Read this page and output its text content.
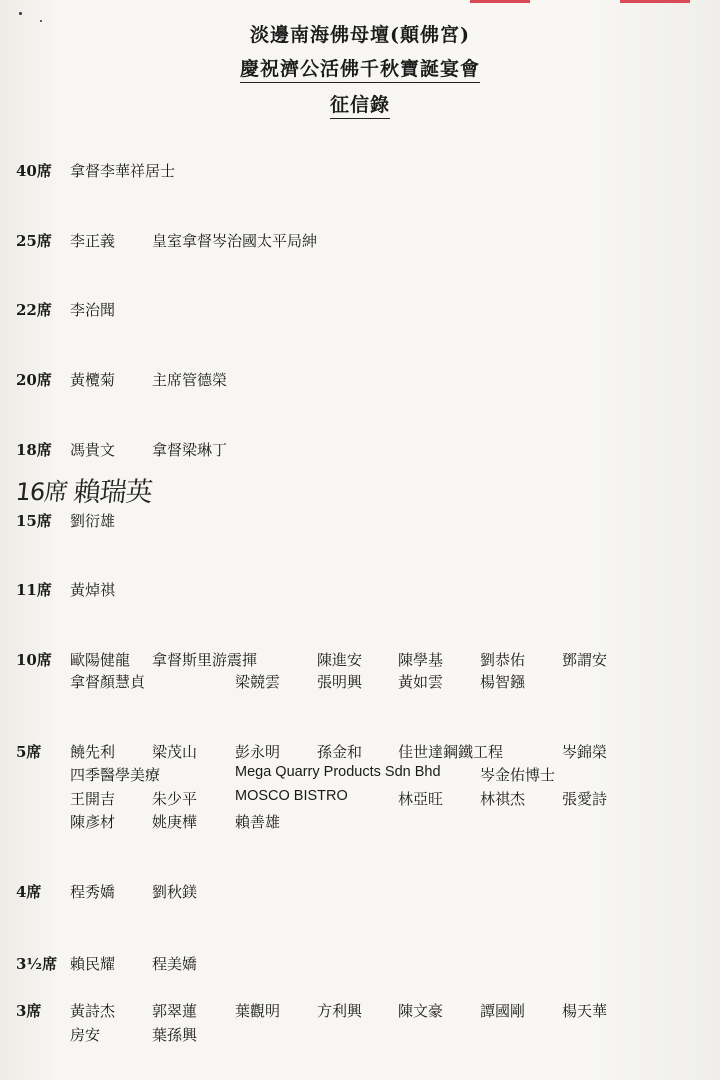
淡邊南海佛母壇(顛佛宮)
慶祝濟公活佛千秋寶誕宴會
征信錄
40席 拿督李華祥居士
25席 李正義 皇室拿督岑治國太平局紳
22席 李治聞
20席 黃欖菊 主席管德榮
18席 馮貴文 拿督梁琳丁
16席 賴瑞英
15席 劉衍雄
11席 黃焯祺
10席 歐陽健龍 拿督斯里游震揮	陳進安 陳學基 劉恭佑 鄧謂安
拿督顏慧貞	梁競雲 張明興 黃如雲 楊智鏹
5席 饒先利 梁茂山	彭永明 孫金和 佳世達鋼鐵工程	岑錦榮
四季醫學美療	Mega Quarry Products Sdn Bhd	岑金佑博士
王開吉 朱少平	MOSCO BISTRO	林亞旺 林祺杰 張愛詩
陳彥材 姚庚樺	賴善雄
4席 程秀嬌 劉秋鎂
3½席 賴民耀 程美嬌
3席 黃詩杰 郭翠蓮	葉觀明 方利興 陳文豪 譚國剛 楊天華
房安	葉孫興
